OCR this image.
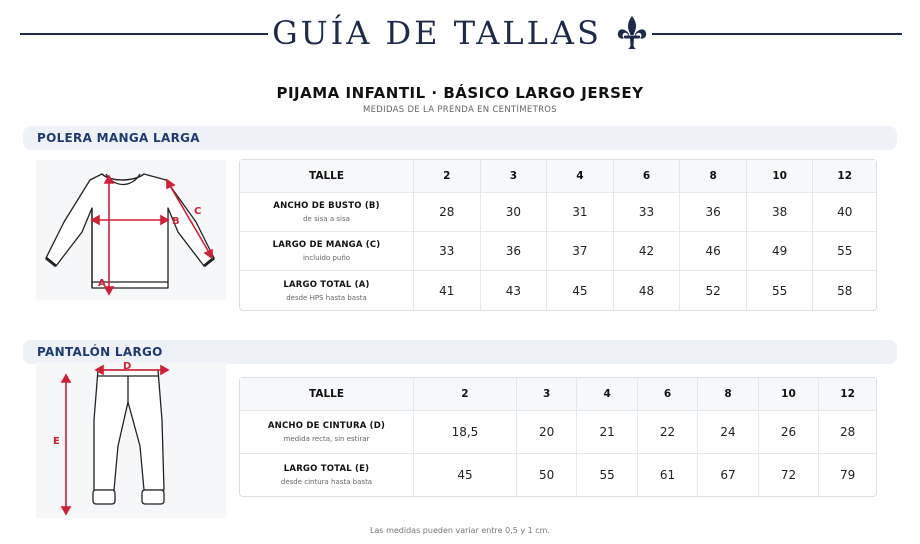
GUÍA DE TALLAS
PIJAMA INFANTIL · BÁSICO LARGO JERSEY
MEDIDAS DE LA PRENDA EN CENTÍMETROS
POLERA MANGA LARGA
A
B
C
TALLE	2	3	4	6	8	10	12

ANCHO DE BUSTO (B)
de sisa a sisa	28	30	31	33	36	38	40

LARGO DE MANGA (C)
incluido puño	33	36	37	42	46	49	55

LARGO TOTAL (A)
desde HPS hasta basta	41	43	45	48	52	55	58
PANTALÓN LARGO
D
E
TALLE	2	3	4	6	8	10	12

ANCHO DE CINTURA (D)
medida recta, sin estirar	18,5	20	21	22	24	26	28

LARGO TOTAL (E)
desde cintura hasta basta	45	50	55	61	67	72	79
Las medidas pueden variar entre 0,5 y 1 cm.
